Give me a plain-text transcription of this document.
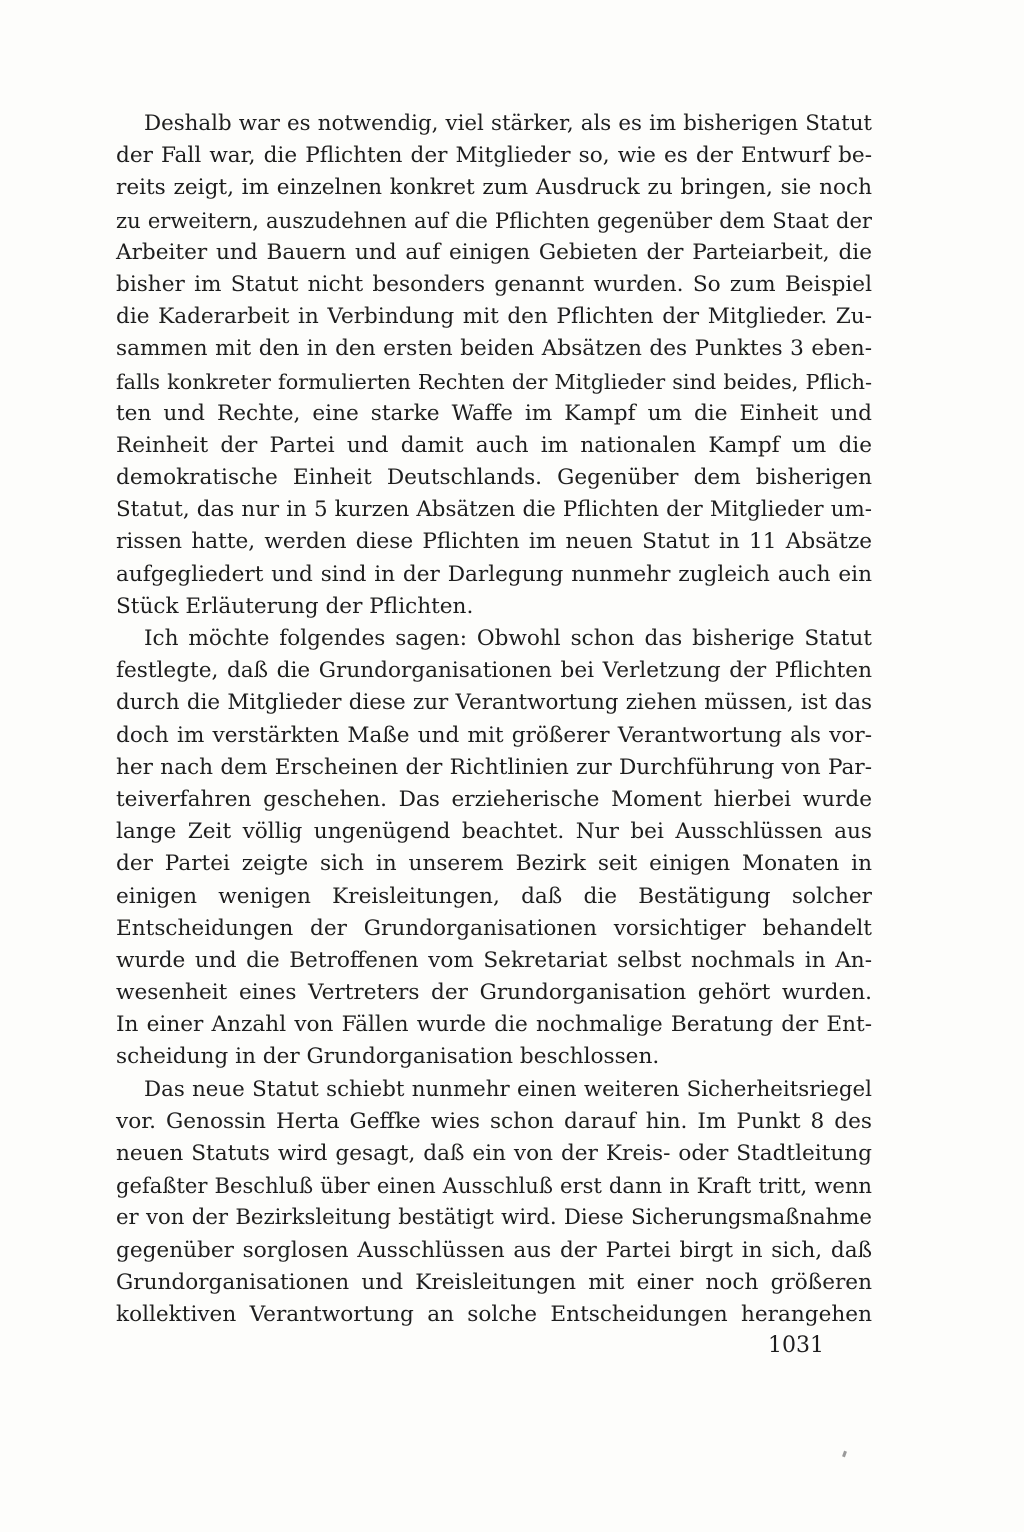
Deshalb war es notwendig, viel stärker, als es im bisherigen Statut
der Fall war, die Pflichten der Mitglieder so, wie es der Entwurf be-
reits zeigt, im einzelnen konkret zum Ausdruck zu bringen, sie noch
zu erweitern, auszudehnen auf die Pflichten gegenüber dem Staat der
Arbeiter und Bauern und auf einigen Gebieten der Parteiarbeit, die
bisher im Statut nicht besonders genannt wurden. So zum Beispiel
die Kaderarbeit in Verbindung mit den Pflichten der Mitglieder. Zu-
sammen mit den in den ersten beiden Absätzen des Punktes 3 eben-
falls konkreter formulierten Rechten der Mitglieder sind beides, Pflich-
ten und Rechte, eine starke Waffe im Kampf um die Einheit und
Reinheit der Partei und damit auch im nationalen Kampf um die
demokratische Einheit Deutschlands. Gegenüber dem bisherigen
Statut, das nur in 5 kurzen Absätzen die Pflichten der Mitglieder um-
rissen hatte, werden diese Pflichten im neuen Statut in 11 Absätze
aufgegliedert und sind in der Darlegung nunmehr zugleich auch ein
Stück Erläuterung der Pflichten.
Ich möchte folgendes sagen: Obwohl schon das bisherige Statut
festlegte, daß die Grundorganisationen bei Verletzung der Pflichten
durch die Mitglieder diese zur Verantwortung ziehen müssen, ist das
doch im verstärkten Maße und mit größerer Verantwortung als vor-
her nach dem Erscheinen der Richtlinien zur Durchführung von Par-
teiverfahren geschehen. Das erzieherische Moment hierbei wurde
lange Zeit völlig ungenügend beachtet. Nur bei Ausschlüssen aus
der Partei zeigte sich in unserem Bezirk seit einigen Monaten in
einigen wenigen Kreisleitungen, daß die Bestätigung solcher
Entscheidungen der Grundorganisationen vorsichtiger behandelt
wurde und die Betroffenen vom Sekretariat selbst nochmals in An-
wesenheit eines Vertreters der Grundorganisation gehört wurden.
In einer Anzahl von Fällen wurde die nochmalige Beratung der Ent-
scheidung in der Grundorganisation beschlossen.
Das neue Statut schiebt nunmehr einen weiteren Sicherheitsriegel
vor. Genossin Herta Geffke wies schon darauf hin. Im Punkt 8 des
neuen Statuts wird gesagt, daß ein von der Kreis- oder Stadtleitung
gefaßter Beschluß über einen Ausschluß erst dann in Kraft tritt, wenn
er von der Bezirksleitung bestätigt wird. Diese Sicherungsmaßnahme
gegenüber sorglosen Ausschlüssen aus der Partei birgt in sich, daß
Grundorganisationen und Kreisleitungen mit einer noch größeren
kollektiven Verantwortung an solche Entscheidungen herangehen
1031
